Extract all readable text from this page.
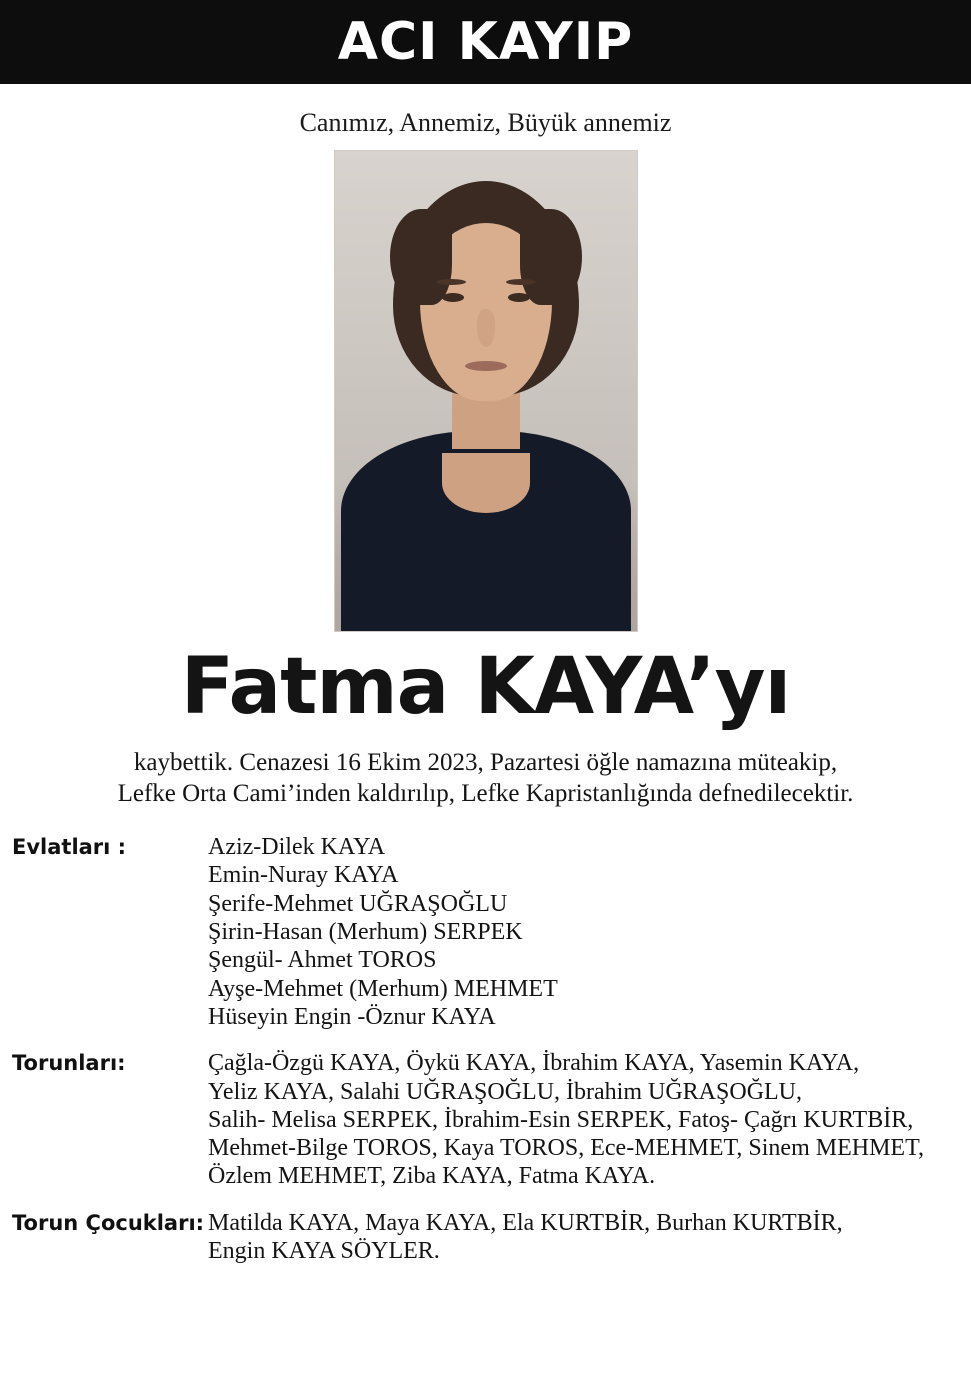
ACI KAYIP
Canımız, Annemiz, Büyük annemiz
Fatma KAYA’yı
kaybettik. Cenazesi 16 Ekim 2023, Pazartesi öğle namazına müteakip,
Lefke Orta Cami’inden kaldırılıp, Lefke Kapristanlığında defnedilecektir.
Evlatları :	Aziz-Dilek KAYA
Emin-Nuray KAYA
Şerife-Mehmet UĞRAŞOĞLU
Şirin-Hasan (Merhum) SERPEK
Şengül- Ahmet TOROS
Ayşe-Mehmet (Merhum) MEHMET
Hüseyin Engin -Öznur KAYA
Torunları:	Çağla-Özgü KAYA, Öykü KAYA, İbrahim KAYA, Yasemin KAYA,
Yeliz KAYA, Salahi UĞRAŞOĞLU, İbrahim UĞRAŞOĞLU,
Salih- Melisa SERPEK, İbrahim-Esin SERPEK, Fatoş- Çağrı KURTBİR,
Mehmet-Bilge TOROS, Kaya TOROS, Ece-MEHMET, Sinem MEHMET,
Özlem MEHMET, Ziba KAYA, Fatma KAYA.
Torun Çocukları: Matilda KAYA, Maya KAYA, Ela KURTBİR, Burhan KURTBİR,
Engin KAYA SÖYLER.
